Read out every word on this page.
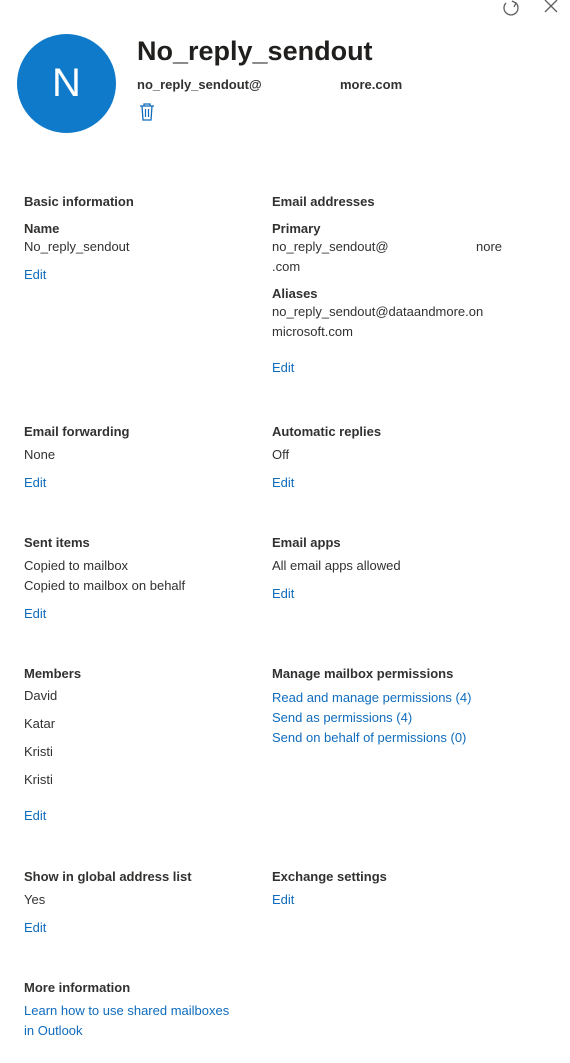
N
No_reply_sendout
no_reply_sendout@	more.com
Basic information
Name
No_reply_sendout
Edit
Email addresses
Primary
no_reply_sendout@	nore
.com
Aliases
no_reply_sendout@dataandmore.on
microsoft.com
Edit
Email forwarding
None
Edit
Automatic replies
Off
Edit
Sent items
Copied to mailbox
Copied to mailbox on behalf
Edit
Email apps
All email apps allowed
Edit
Members
David
Katar
Kristi
Kristi
Edit
Manage mailbox permissions
Read and manage permissions (4)
Send as permissions (4)
Send on behalf of permissions (0)
Show in global address list
Yes
Edit
Exchange settings
Edit
More information
Learn how to use shared mailboxes
in Outlook
